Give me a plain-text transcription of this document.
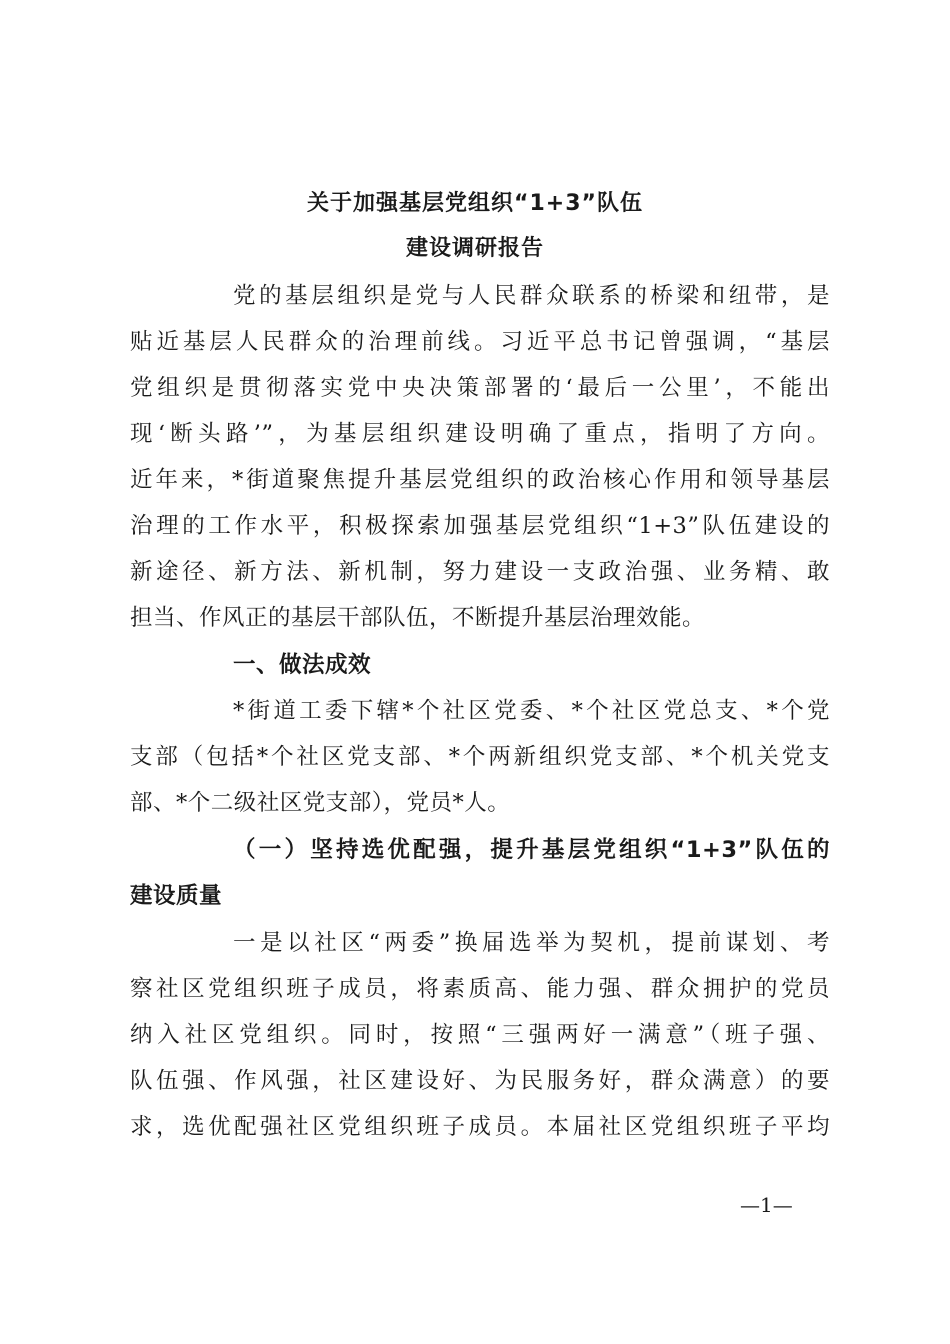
关于加强基层党组织“1+3”队伍
建设调研报告
党的基层组织是党与人民群众联系的桥梁和纽带，是
贴近基层人民群众的治理前线。习近平总书记曾强调，“基层
党组织是贯彻落实党中央决策部署的‘最后一公里’，不能出
现‘断头路’”，为基层组织建设明确了重点，指明了方向。
近年来，*街道聚焦提升基层党组织的政治核心作用和领导基层
治理的工作水平，积极探索加强基层党组织“1+3”队伍建设的
新途径、新方法、新机制，努力建设一支政治强、业务精、敢
担当、作风正的基层干部队伍，不断提升基层治理效能。
一、做法成效
*街道工委下辖*个社区党委、*个社区党总支、*个党
支部（包括*个社区党支部、*个两新组织党支部、*个机关党支
部、*个二级社区党支部），党员*人。
（一）坚持选优配强，提升基层党组织“1+3”队伍的
建设质量
一是以社区“两委”换届选举为契机，提前谋划、考
察社区党组织班子成员，将素质高、能力强、群众拥护的党员
纳入社区党组织。同时，按照“三强两好一满意”（班子强、
队伍强、作风强，社区建设好、为民服务好，群众满意）的要
求，选优配强社区党组织班子成员。本届社区党组织班子平均
—1—
